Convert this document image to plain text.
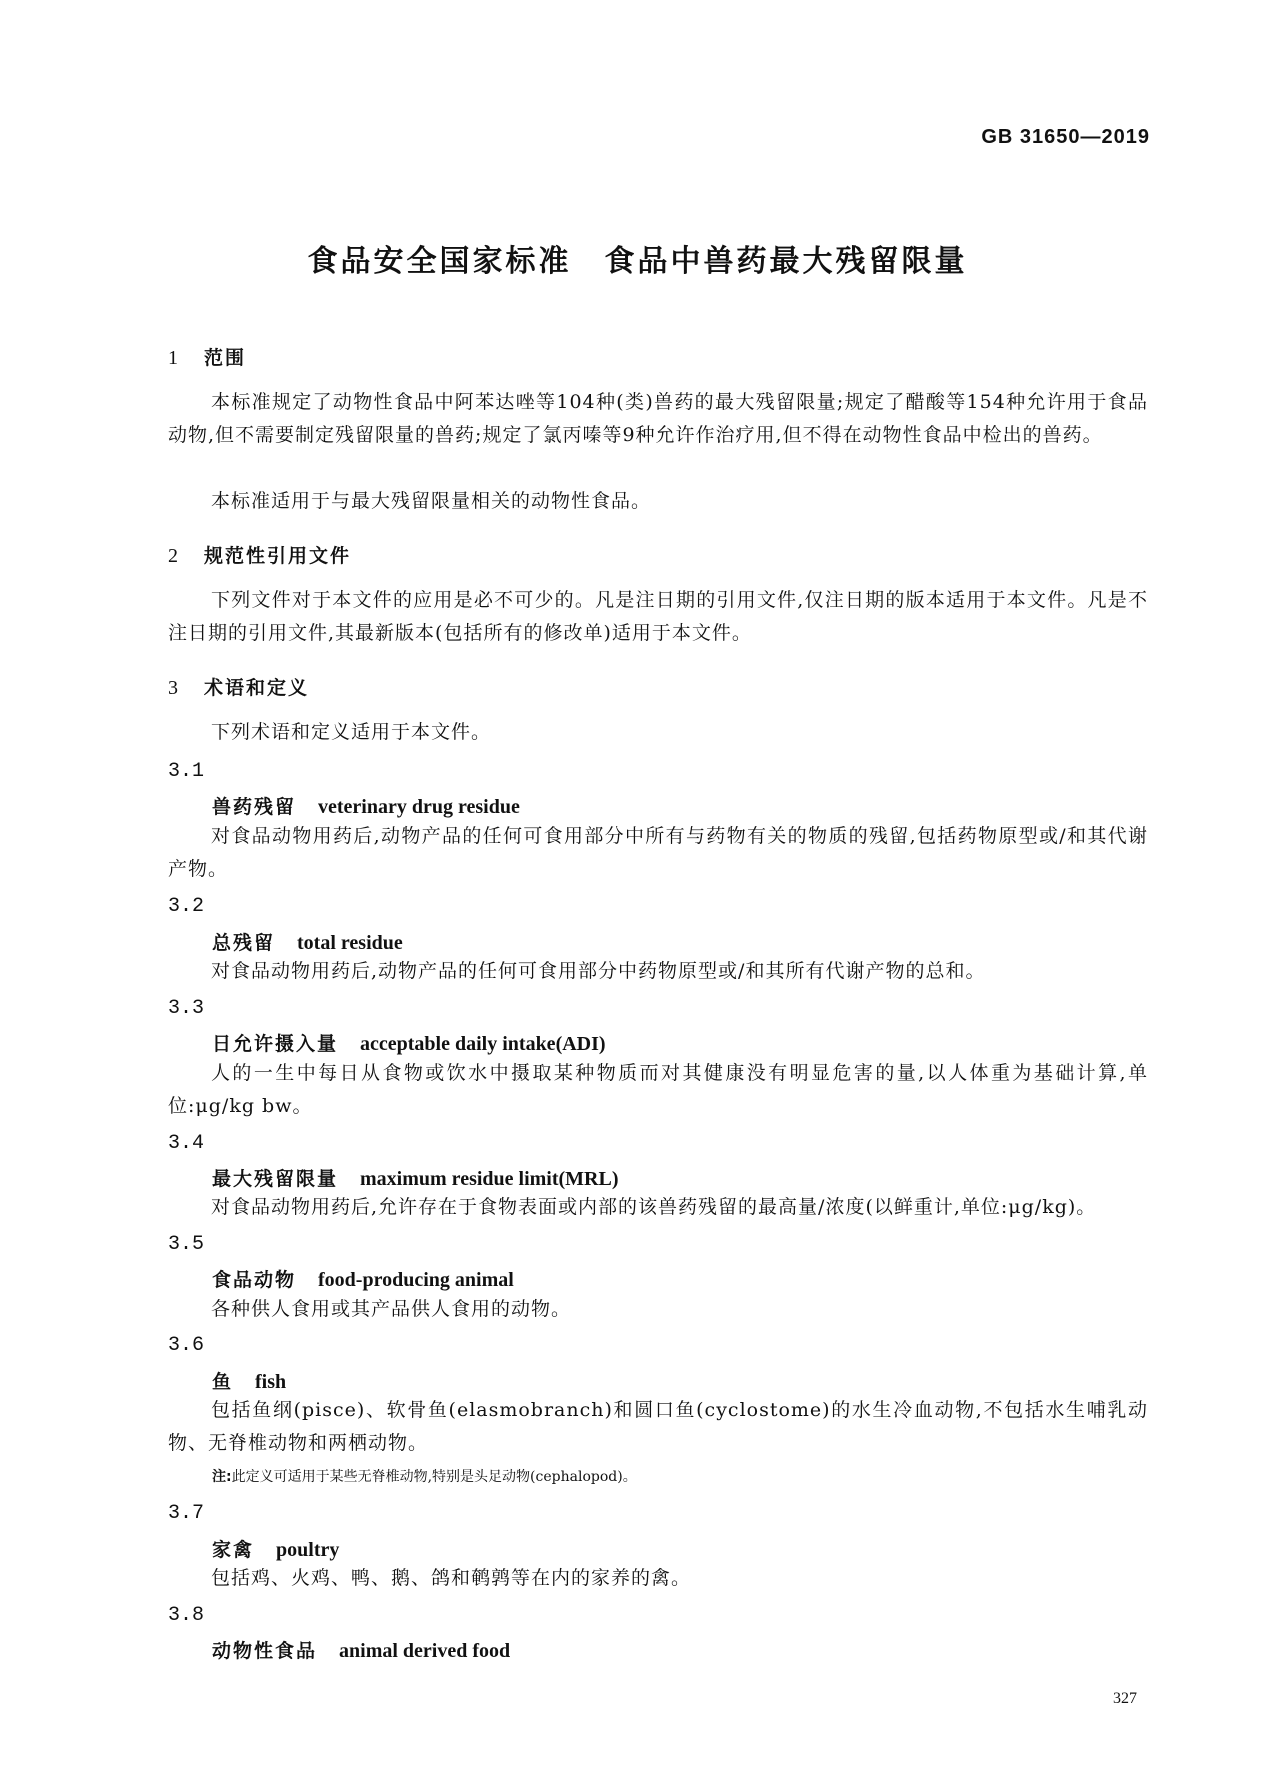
GB 31650—2019
食品安全国家标准　食品中兽药最大残留限量
1 范围
本标准规定了动物性食品中阿苯达唑等104种(类)兽药的最大残留限量;规定了醋酸等154种允许用于食品动物,但不需要制定残留限量的兽药;规定了氯丙嗪等9种允许作治疗用,但不得在动物性食品中检出的兽药。
本标准适用于与最大残留限量相关的动物性食品。
2 规范性引用文件
下列文件对于本文件的应用是必不可少的。凡是注日期的引用文件,仅注日期的版本适用于本文件。凡是不注日期的引用文件,其最新版本(包括所有的修改单)适用于本文件。
3 术语和定义
下列术语和定义适用于本文件。
3.1
兽药残留 veterinary drug residue
对食品动物用药后,动物产品的任何可食用部分中所有与药物有关的物质的残留,包括药物原型或/和其代谢产物。
3.2
总残留 total residue
对食品动物用药后,动物产品的任何可食用部分中药物原型或/和其所有代谢产物的总和。
3.3
日允许摄入量 acceptable daily intake(ADI)
人的一生中每日从食物或饮水中摄取某种物质而对其健康没有明显危害的量,以人体重为基础计算,单位:μg/kg bw。
3.4
最大残留限量 maximum residue limit(MRL)
对食品动物用药后,允许存在于食物表面或内部的该兽药残留的最高量/浓度(以鲜重计,单位:μg/kg)。
3.5
食品动物 food-producing animal
各种供人食用或其产品供人食用的动物。
3.6
鱼 fish
包括鱼纲(pisce)、软骨鱼(elasmobranch)和圆口鱼(cyclostome)的水生冷血动物,不包括水生哺乳动物、无脊椎动物和两栖动物。
注:此定义可适用于某些无脊椎动物,特别是头足动物(cephalopod)。
3.7
家禽 poultry
包括鸡、火鸡、鸭、鹅、鸽和鹌鹑等在内的家养的禽。
3.8
动物性食品 animal derived food
327
